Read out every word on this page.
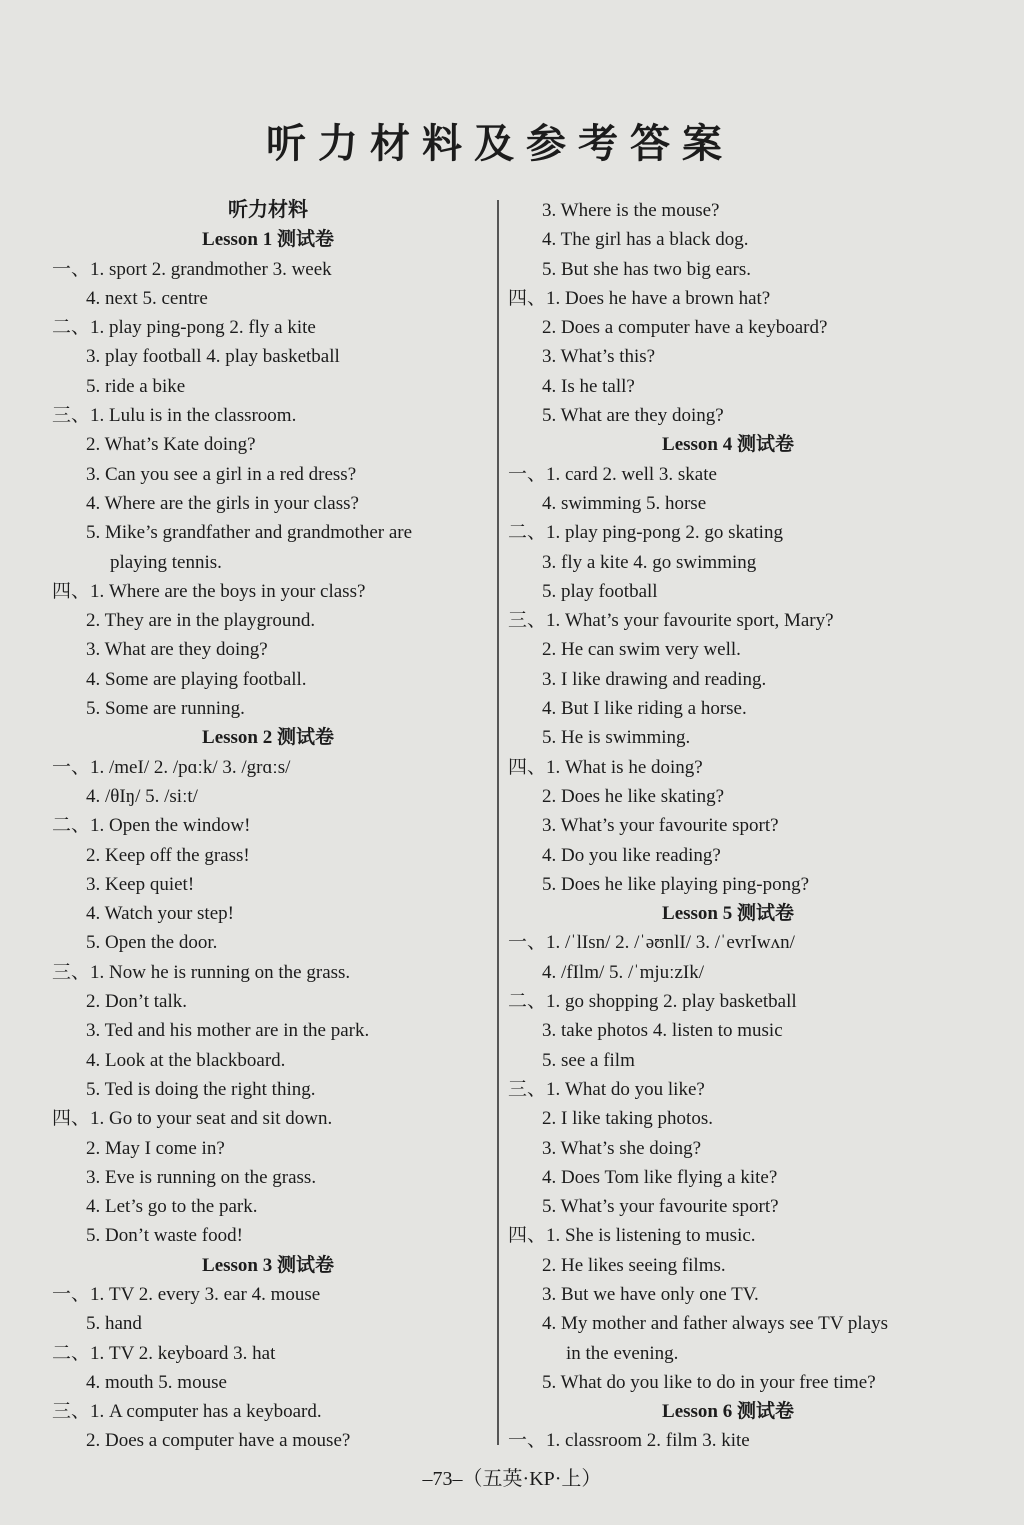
听力材料及参考答案
听力材料
Lesson 1 测试卷
一、1. sport 2. grandmother 3. week
4. next 5. centre
二、1. play ping-pong 2. fly a kite
3. play football 4. play basketball
5. ride a bike
三、1. Lulu is in the classroom.
2. What’s Kate doing?
3. Can you see a girl in a red dress?
4. Where are the girls in your class?
5. Mike’s grandfather and grandmother are
playing tennis.
四、1. Where are the boys in your class?
2. They are in the playground.
3. What are they doing?
4. Some are playing football.
5. Some are running.
Lesson 2 测试卷
一、1. /meI/ 2. /pɑːk/ 3. /grɑːs/
4. /θIŋ/ 5. /siːt/
二、1. Open the window!
2. Keep off the grass!
3. Keep quiet!
4. Watch your step!
5. Open the door.
三、1. Now he is running on the grass.
2. Don’t talk.
3. Ted and his mother are in the park.
4. Look at the blackboard.
5. Ted is doing the right thing.
四、1. Go to your seat and sit down.
2. May I come in?
3. Eve is running on the grass.
4. Let’s go to the park.
5. Don’t waste food!
Lesson 3 测试卷
一、1. TV 2. every 3. ear 4. mouse
5. hand
二、1. TV 2. keyboard 3. hat
4. mouth 5. mouse
三、1. A computer has a keyboard.
2. Does a computer have a mouse?
3. Where is the mouse?
4. The girl has a black dog.
5. But she has two big ears.
四、1. Does he have a brown hat?
2. Does a computer have a keyboard?
3. What’s this?
4. Is he tall?
5. What are they doing?
Lesson 4 测试卷
一、1. card 2. well 3. skate
4. swimming 5. horse
二、1. play ping-pong 2. go skating
3. fly a kite 4. go swimming
5. play football
三、1. What’s your favourite sport, Mary?
2. He can swim very well.
3. I like drawing and reading.
4. But I like riding a horse.
5. He is swimming.
四、1. What is he doing?
2. Does he like skating?
3. What’s your favourite sport?
4. Do you like reading?
5. Does he like playing ping-pong?
Lesson 5 测试卷
一、1. /ˈlIsn/ 2. /ˈəʊnlI/ 3. /ˈevrIwʌn/
4. /fIlm/ 5. /ˈmjuːzIk/
二、1. go shopping 2. play basketball
3. take photos 4. listen to music
5. see a film
三、1. What do you like?
2. I like taking photos.
3. What’s she doing?
4. Does Tom like flying a kite?
5. What’s your favourite sport?
四、1. She is listening to music.
2. He likes seeing films.
3. But we have only one TV.
4. My mother and father always see TV plays
in the evening.
5. What do you like to do in your free time?
Lesson 6 测试卷
一、1. classroom 2. film 3. kite
–73–（五英·KP·上）
